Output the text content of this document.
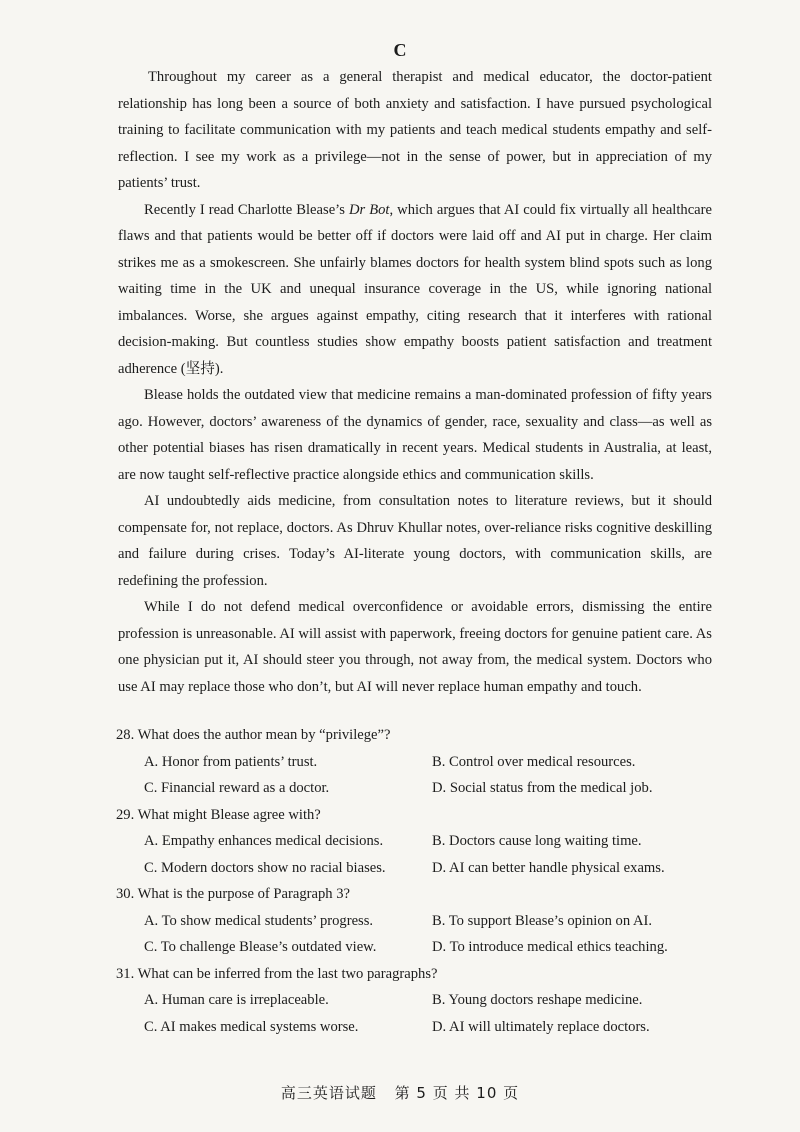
C

Throughout my career as a general therapist and medical educator, the doctor-patient relationship has long been a source of both anxiety and satisfaction. I have pursued psychological training to facilitate communication with my patients and teach medical students empathy and self-reflection. I see my work as a privilege—not in the sense of power, but in appreciation of my patients’ trust.

Recently I read Charlotte Blease’s Dr Bot, which argues that AI could fix virtually all healthcare flaws and that patients would be better off if doctors were laid off and AI put in charge. Her claim strikes me as a smokescreen. She unfairly blames doctors for health system blind spots such as long waiting time in the UK and unequal insurance coverage in the US, while ignoring national imbalances. Worse, she argues against empathy, citing research that it interferes with rational decision-making. But countless studies show empathy boosts patient satisfaction and treatment adherence (坚持).

Blease holds the outdated view that medicine remains a man-dominated profession of fifty years ago. However, doctors’ awareness of the dynamics of gender, race, sexuality and class—as well as other potential biases has risen dramatically in recent years. Medical students in Australia, at least, are now taught self-reflective practice alongside ethics and communication skills.

AI undoubtedly aids medicine, from consultation notes to literature reviews, but it should compensate for, not replace, doctors. As Dhruv Khullar notes, over-reliance risks cognitive deskilling and failure during crises. Today’s AI-literate young doctors, with communication skills, are redefining the profession.

While I do not defend medical overconfidence or avoidable errors, dismissing the entire profession is unreasonable. AI will assist with paperwork, freeing doctors for genuine patient care. As one physician put it, AI should steer you through, not away from, the medical system. Doctors who use AI may replace those who don’t, but AI will never replace human empathy and touch.

28. What does the author mean by “privilege”?

A. Honor from patients’ trust.	B. Control over medical resources.
C. Financial reward as a doctor.	D. Social status from the medical job.

29. What might Blease agree with?

A. Empathy enhances medical decisions.	B. Doctors cause long waiting time.
C. Modern doctors show no racial biases.	D. AI can better handle physical exams.

30. What is the purpose of Paragraph 3?

A. To show medical students’ progress.	B. To support Blease’s opinion on AI.
C. To challenge Blease’s outdated view.	D. To introduce medical ethics teaching.

31. What can be inferred from the last two paragraphs?

A. Human care is irreplaceable.	B. Young doctors reshape medicine.
C. AI makes medical systems worse.	D. AI will ultimately replace doctors.
高三英语试题 第 5 页 共 10 页
